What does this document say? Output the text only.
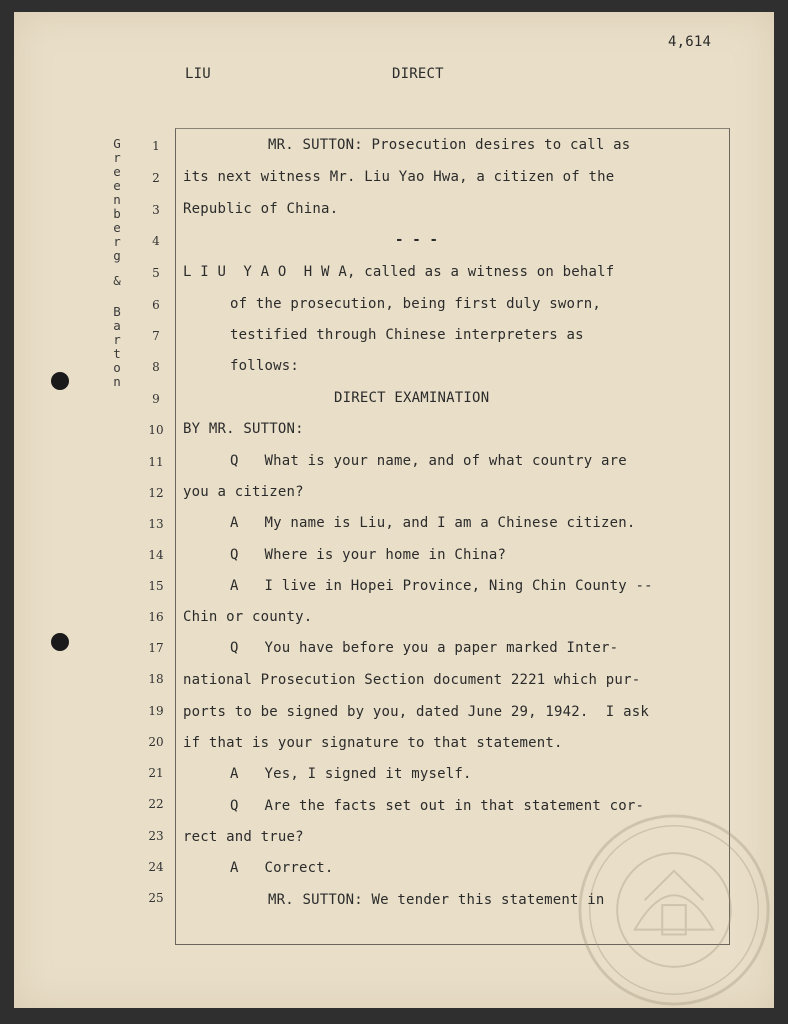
4,614
LIU	DIRECT
G
r
e
e
n
b
e
r
g
&
B
a
r
t
o
n
1
2
3
4
5
6
7
8
9
10
11
12
13
14
15
16
17
18
19
20
21
22
23
24
25
MR. SUTTON: Prosecution desires to call as
its next witness Mr. Liu Yao Hwa, a citizen of the
Republic of China.
- - -
L I U  Y A O  H W A, called as a witness on behalf
of the prosecution, being first duly sworn,
testified through Chinese interpreters as
follows:
DIRECT EXAMINATION
BY MR. SUTTON:
Q   What is your name, and of what country are
you a citizen?
A   My name is Liu, and I am a Chinese citizen.
Q   Where is your home in China?
A   I live in Hopei Province, Ning Chin County --
Chin or county.
Q   You have before you a paper marked Inter-
national Prosecution Section document 2221 which pur-
ports to be signed by you, dated June 29, 1942.  I ask
if that is your signature to that statement.
A   Yes, I signed it myself.
Q   Are the facts set out in that statement cor-
rect and true?
A   Correct.
MR. SUTTON: We tender this statement in
